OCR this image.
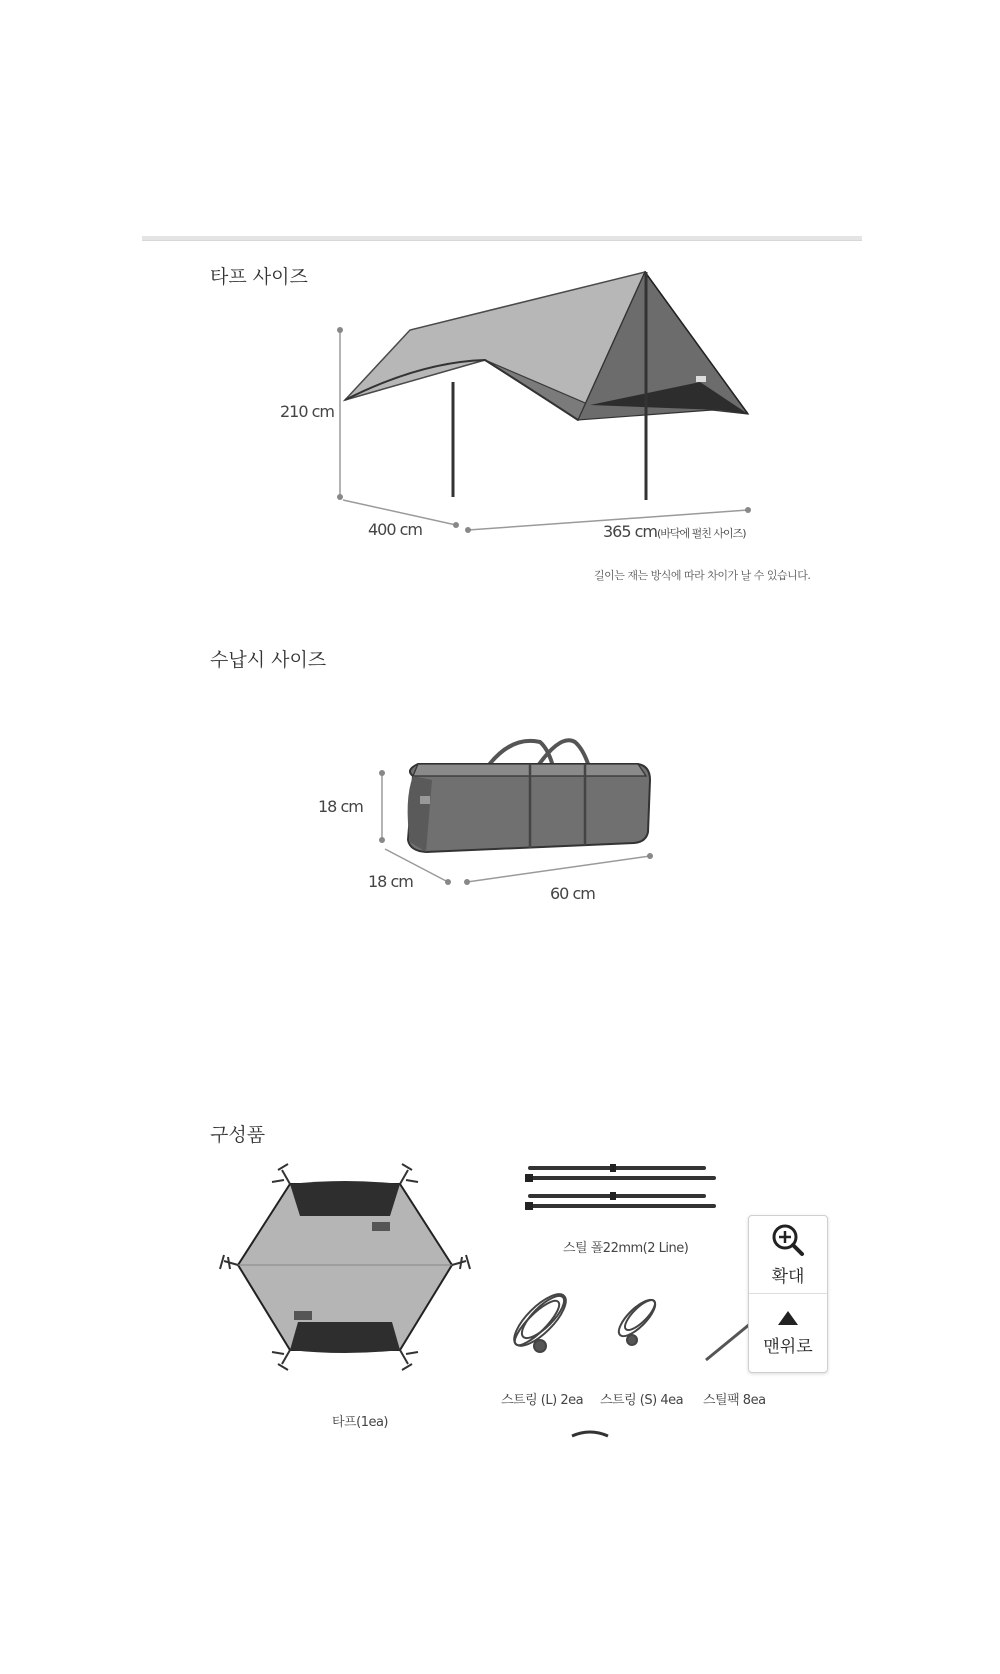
타프 사이즈
210 cm
400 cm	365 cm(바닥에 펼친 사이즈)
길이는 재는 방식에 따라 차이가 날 수 있습니다.
수납시 사이즈
18 cm
18 cm
60 cm
구성품
타프(1ea)
스틸 폴22mm(2 Line)
스트링 (L) 2ea 스트링 (S) 4ea 스틸팩 8ea
확대
맨위로
